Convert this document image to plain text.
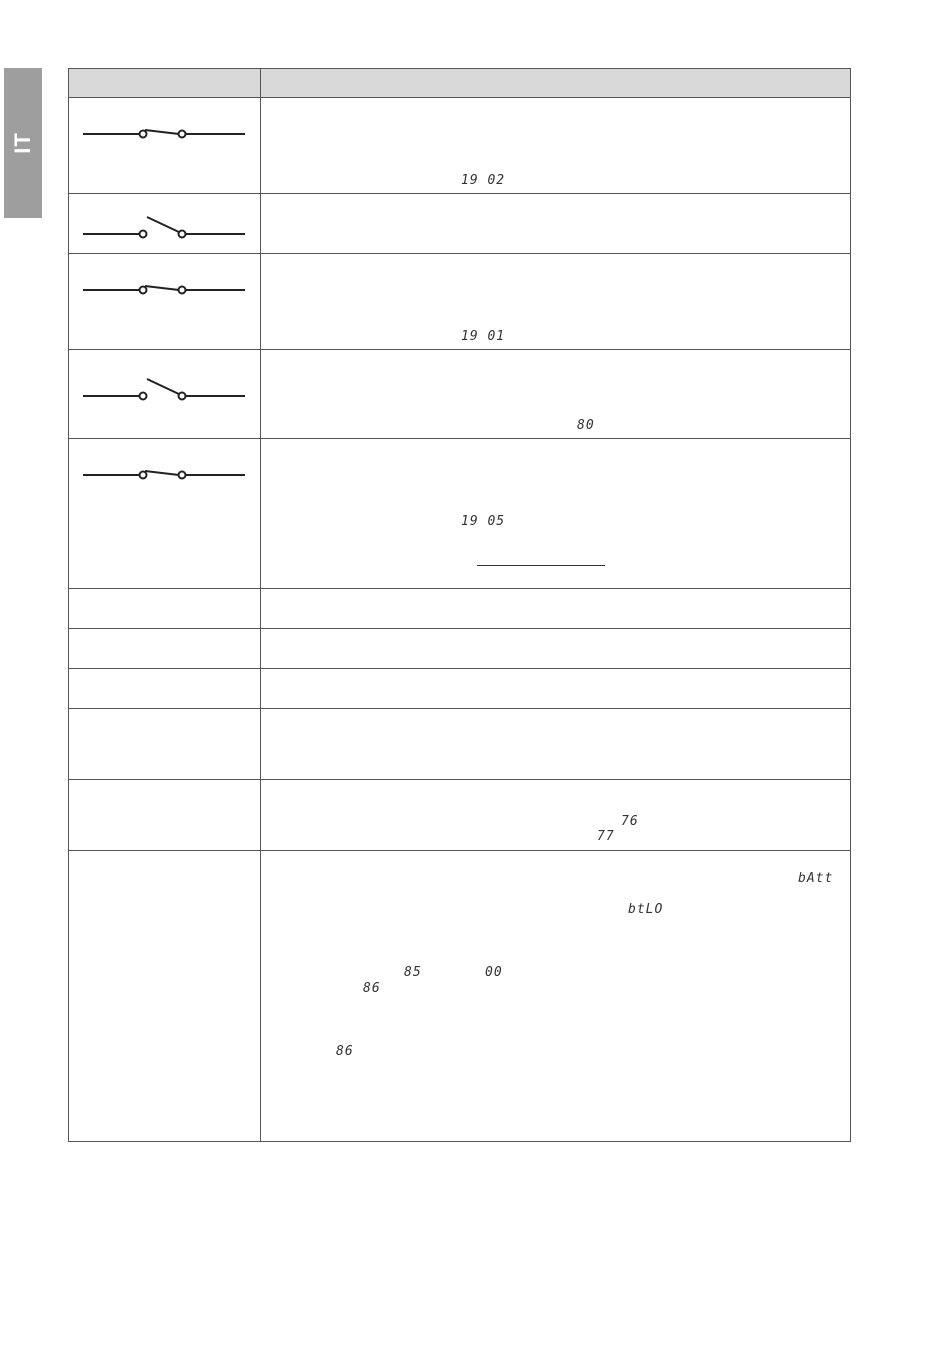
IT
19 02
19 01
80
19 05
76
77
bAtt
btLO
85	00
86
86
